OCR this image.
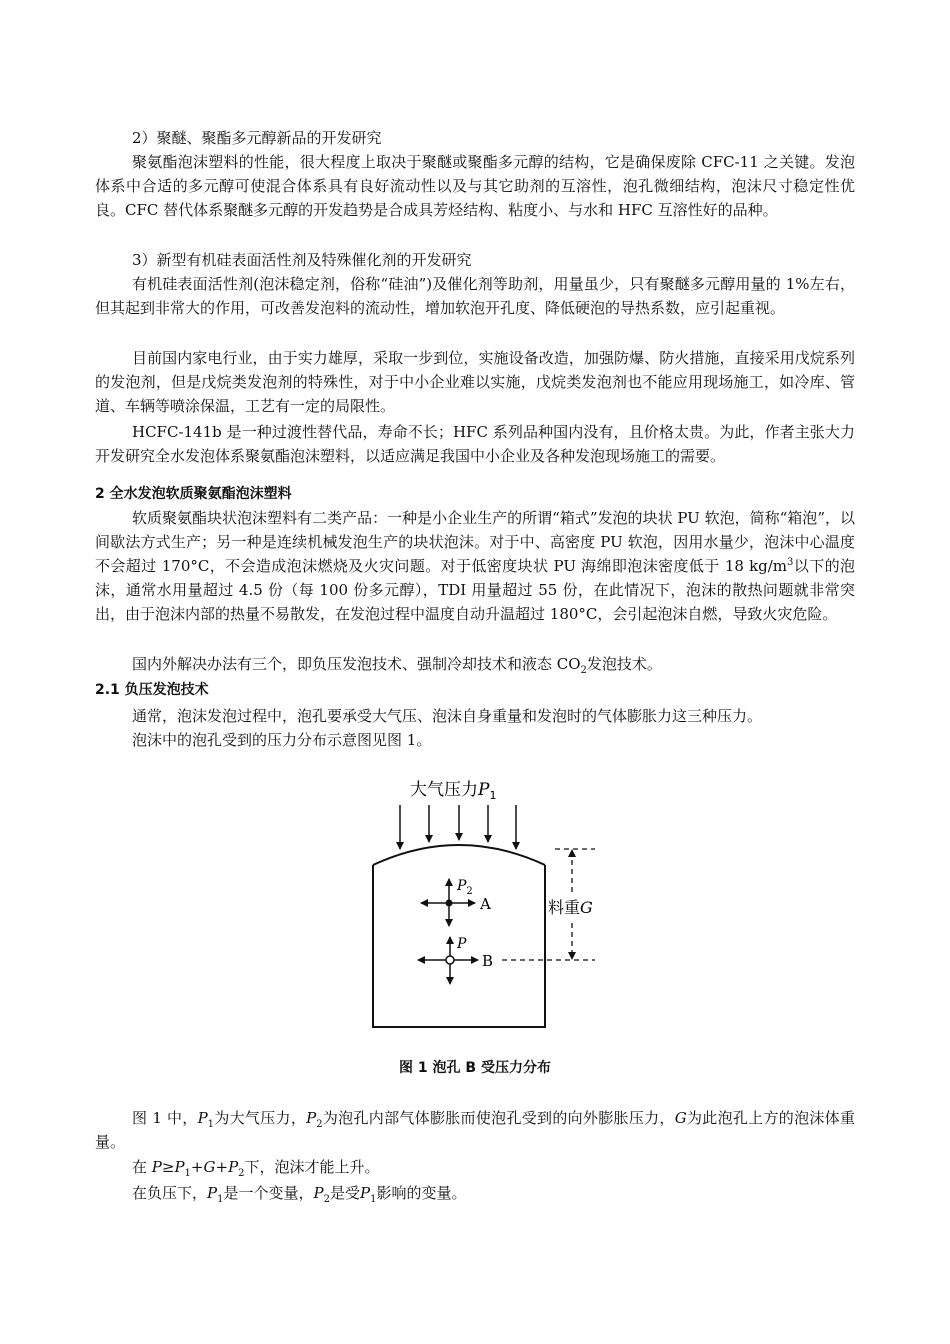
2）聚醚、聚酯多元醇新品的开发研究

聚氨酯泡沫塑料的性能，很大程度上取决于聚醚或聚酯多元醇的结构，它是确保废除 CFC-11 之关键。发泡体系中合适的多元醇可使混合体系具有良好流动性以及与其它助剂的互溶性，泡孔微细结构，泡沫尺寸稳定性优良。CFC 替代体系聚醚多元醇的开发趋势是合成具芳烃结构、粘度小、与水和 HFC 互溶性好的品种。

3）新型有机硅表面活性剂及特殊催化剂的开发研究

有机硅表面活性剂(泡沫稳定剂，俗称“硅油”)及催化剂等助剂，用量虽少，只有聚醚多元醇用量的 1%左右，但其起到非常大的作用，可改善发泡料的流动性，增加软泡开孔度、降低硬泡的导热系数，应引起重视。

目前国内家电行业，由于实力雄厚，采取一步到位，实施设备改造，加强防爆、防火措施，直接采用戊烷系列的发泡剂，但是戊烷类发泡剂的特殊性，对于中小企业难以实施，戊烷类发泡剂也不能应用现场施工，如冷库、管道、车辆等喷涂保温，工艺有一定的局限性。

HCFC-141b 是一种过渡性替代品，寿命不长；HFC 系列品种国内没有，且价格太贵。为此，作者主张大力开发研究全水发泡体系聚氨酯泡沫塑料，以适应满足我国中小企业及各种发泡现场施工的需要。

2 全水发泡软质聚氨酯泡沫塑料

软质聚氨酯块状泡沫塑料有二类产品：一种是小企业生产的所谓“箱式”发泡的块状 PU 软泡，简称“箱泡”，以间歇法方式生产；另一种是连续机械发泡生产的块状泡沫。对于中、高密度 PU 软泡，因用水量少，泡沫中心温度不会超过 170°C，不会造成泡沫燃烧及火灾问题。对于低密度块状 PU 海绵即泡沫密度低于 18 $kg/m^3$以下的泡沫，通常水用量超过 4.5 份（每 100 份多元醇），TDI 用量超过 55 份，在此情况下，泡沫的散热问题就非常突出，由于泡沫内部的热量不易散发，在发泡过程中温度自动升温超过 180°C，会引起泡沫自燃，导致火灾危险。

国内外解决办法有三个，即负压发泡技术、强制冷却技术和液态 $CO_2$发泡技术。

2.1 负压发泡技术

通常，泡沫发泡过程中，泡孔要承受大气压、泡沫自身重量和发泡时的气体膨胀力这三种压力。

泡沫中的泡孔受到的压力分布示意图见图 1。

大气压力$P_1$
$P_2$
A
P
B
料重G

图 1 泡孔 B 受压力分布

图 1 中，$P_1$为大气压力，$P_2$为泡孔内部气体膨胀而使泡孔受到的向外膨胀压力，G为此泡孔上方的泡沫体重量。

在 $P\ge P_1+G+P_2$下，泡沫才能上升。

在负压下，$P_1$是一个变量，$P_2$是受$P_1$影响的变量。
